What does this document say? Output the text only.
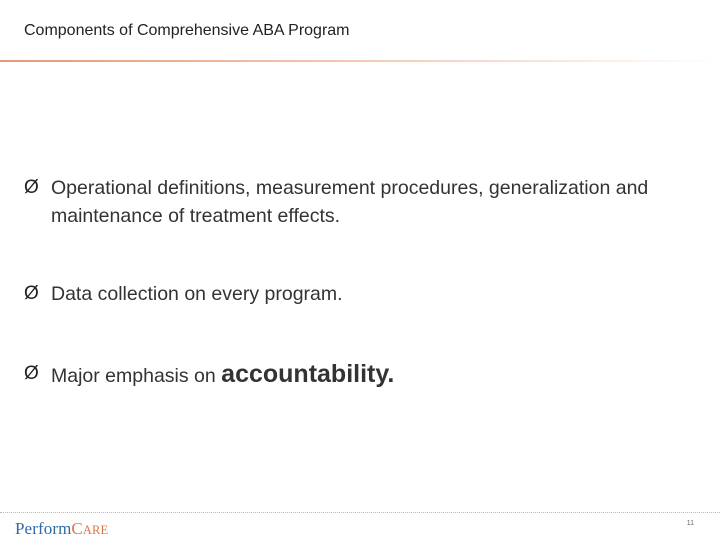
Components of Comprehensive ABA Program
Ø Operational definitions, measurement procedures, generalization and maintenance of treatment effects.
Ø Data collection on every program.
Ø Major emphasis on accountability.
PerformCARE	11
